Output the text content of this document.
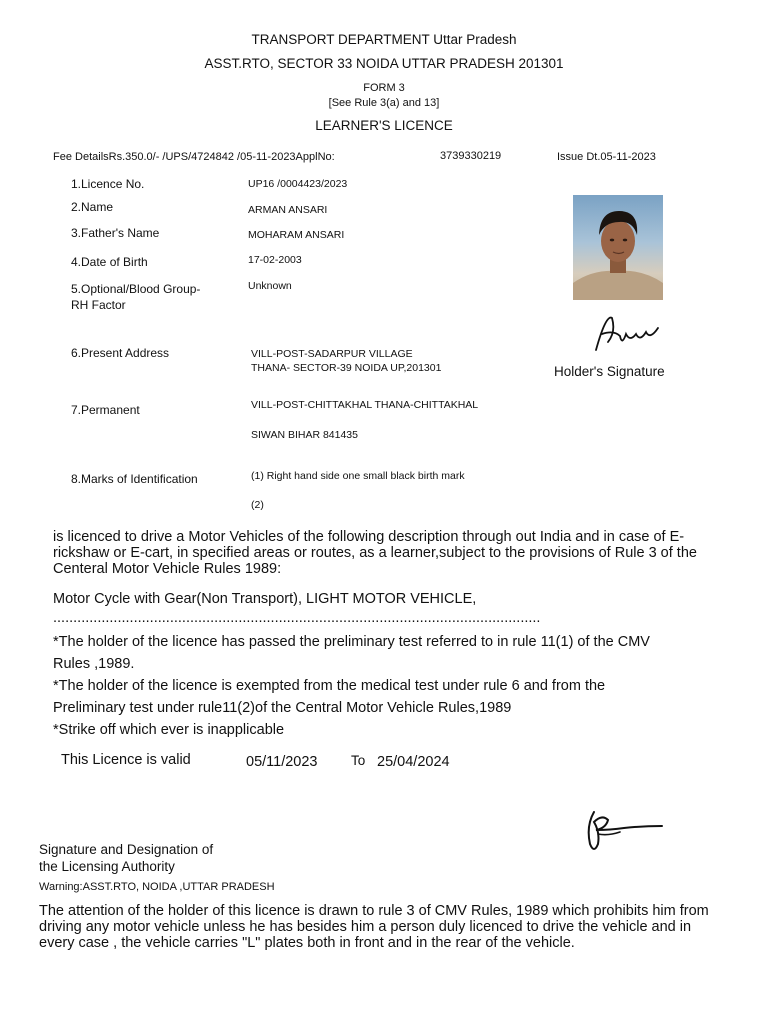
TRANSPORT DEPARTMENT Uttar Pradesh
ASST.RTO, SECTOR 33 NOIDA UTTAR PRADESH 201301
FORM 3
[See Rule 3(a) and 13]
LEARNER'S LICENCE
Fee DetailsRs.350.0/- /UPS/4724842 /05-11-2023ApplNo:	3739330219	Issue Dt.05-11-2023
1.Licence No.	UP16 /0004423/2023
2.Name	ARMAN ANSARI
3.Father's Name	MOHARAM ANSARI
4.Date of Birth	17-02-2003
5.Optional/Blood Group-
RH Factor
Unknown
6.Present Address	VILL-POST-SADARPUR VILLAGE
THANA- SECTOR-39 NOIDA UP,201301
7.Permanent	VILL-POST-CHITTAKHAL THANA-CHITTAKHAL
SIWAN BIHAR 841435
8.Marks of Identification	(1) Right hand side one small black birth mark
(2)
Holder's Signature
is licenced to drive a Motor Vehicles of the following description through out India and in case of E-rickshaw or E-cart, in specified areas or routes, as a learner,subject to the provisions of Rule 3 of the Centeral Motor Vehicle Rules 1989:
Motor Cycle with Gear(Non Transport), LIGHT MOTOR VEHICLE,
.........................................................................................................................
*The holder of the licence has passed the preliminary test referred to in rule 11(1) of the CMV
Rules ,1989.
*The holder of the licence is exempted from the medical test under rule 6 and from the
Preliminary test under rule11(2)of the Central Motor Vehicle Rules,1989
*Strike off which ever is inapplicable
This Licence is valid	05/11/2023 To 25/04/2024
Signature and Designation of
the Licensing Authority
Warning:ASST.RTO, NOIDA ,UTTAR PRADESH
The attention of the holder of this licence is drawn to rule 3 of CMV Rules, 1989 which prohibits him from driving any motor vehicle unless he has besides him a person duly licenced to drive the vehicle and in every case , the vehicle carries "L" plates both in front and in the rear of the vehicle.
